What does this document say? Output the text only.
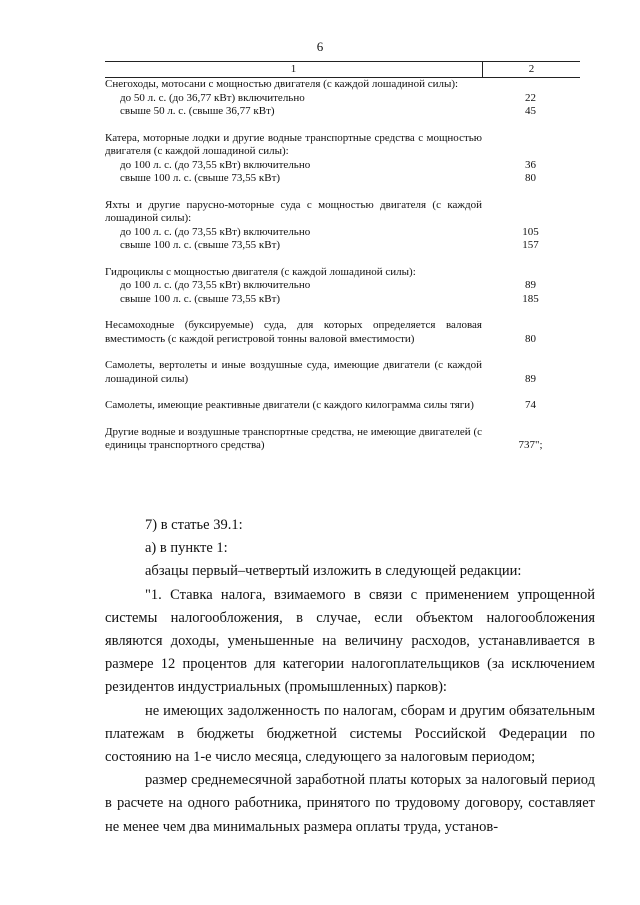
6
1	2
Снегоходы, мотосани с мощностью двигателя (с каждой лошадиной силы):
до 50 л. с. (до 36,77 кВт) включительно	22
свыше 50 л. с. (свыше 36,77 кВт)	45
Катера, моторные лодки и другие водные транспортные средства с мощностью двигателя (с каждой лошадиной силы):
до 100 л. с. (до 73,55 кВт) включительно	36
свыше 100 л. с. (свыше 73,55 кВт)	80
Яхты и другие парусно-моторные суда с мощностью двигателя (с каждой лошадиной силы):
до 100 л. с. (до 73,55 кВт) включительно	105
свыше 100 л. с. (свыше 73,55 кВт)	157
Гидроциклы с мощностью двигателя (с каждой лошадиной силы):
до 100 л. с. (до 73,55 кВт) включительно	89
свыше 100 л. с. (свыше 73,55 кВт)	185
Несамоходные (буксируемые) суда, для которых определяется валовая вместимость (с каждой регистровой тонны валовой вместимости)	80
Самолеты, вертолеты и иные воздушные суда, имеющие двигатели (с каждой лошадиной силы)	89
Самолеты, имеющие реактивные двигатели (с каждого килограмма силы тяги)	74
Другие водные и воздушные транспортные средства, не имеющие двигателей (с единицы транспортного средства)	737";

7) в статье 39.1:

а) в пункте 1:

абзацы первый–четвертый изложить в следующей редакции:

"1. Ставка налога, взимаемого в связи с применением упрощенной системы налогообложения, в случае, если объектом налогообложения являются доходы, уменьшенные на величину расходов, устанавливается в размере 12 процентов для категории налогоплательщиков (за исключением резидентов индустриальных (промышленных) парков):

не имеющих задолженность по налогам, сборам и другим обязательным платежам в бюджеты бюджетной системы Российской Федерации по состоянию на 1-е число месяца, следующего за налоговым периодом;

размер среднемесячной заработной платы которых за налоговый период в расчете на одного работника, принятого по трудовому договору, составляет не менее чем два минимальных размера оплаты труда, установ-
